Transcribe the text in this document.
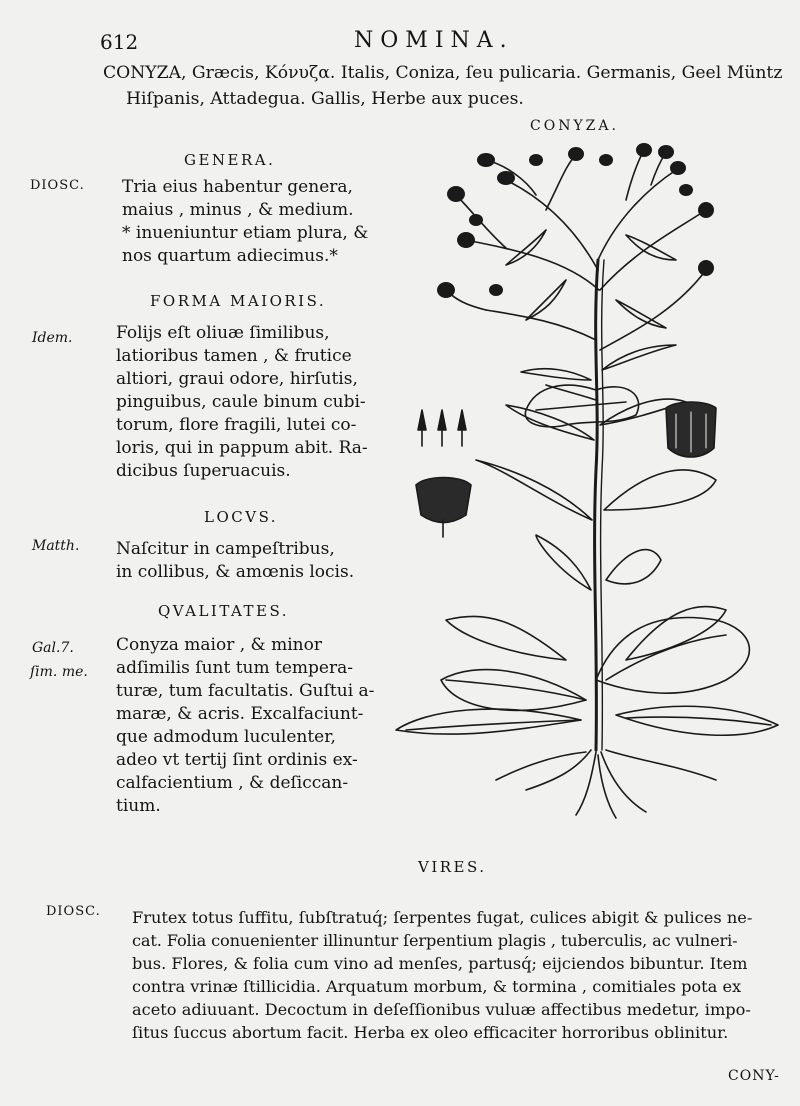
612	NOMINA.
CONYZA, Græcis, Κόνυζα. Italis, Coniza, ſeu pulicaria. Germanis, Geel Müntz
Hiſpanis, Attadegua. Gallis, Herbe aux puces.
CONYZA.
GENERA.
DIOSC. Tria eius habentur genera,
maius , minus , & medium.
* inueniuntur etiam plura, &
nos quartum adiecimus.*
FORMA MAIORIS.
Idem.	Folijs eſt oliuæ ſimilibus,
latioribus tamen , & frutice
altiori, graui odore, hirſutis,
pinguibus, caule binum cubi-
torum, flore fragili, lutei co-
loris, qui in pappum abit. Ra-
dicibus ſuperuacuis.
LOCVS.
Matth. Naſcitur in campeſtribus,
in collibus, & amœnis locis.
QVALITATES.
Gal.7.
ſim. me.
Conyza maior , & minor
adſimilis ſunt tum tempera-
turæ, tum facultatis. Guſtui a-
maræ, & acris. Excalfaciunt-
que admodum luculenter,
adeo vt tertij ſint ordinis ex-
calfacientium , & deſiccan-
tium.
VIRES.
DIOSC. Frutex totus ſuffitu, ſubſtratuq́; ſerpentes fugat, culices abigit & pulices ne-
cat. Folia conuenienter illinuntur ſerpentium plagis , tuberculis, ac vulneri-
bus. Flores, & folia cum vino ad menſes, partusq́; eijciendos bibuntur. Item
contra vrinæ ſtillicidia. Arquatum morbum, & tormina , comitiales pota ex
aceto adiuuant. Decoctum in deſeſſionibus vuluæ affectibus medetur, impo-
ſitus ſuccus abortum facit. Herba ex oleo efficaciter horroribus oblinitur.
CONY-
